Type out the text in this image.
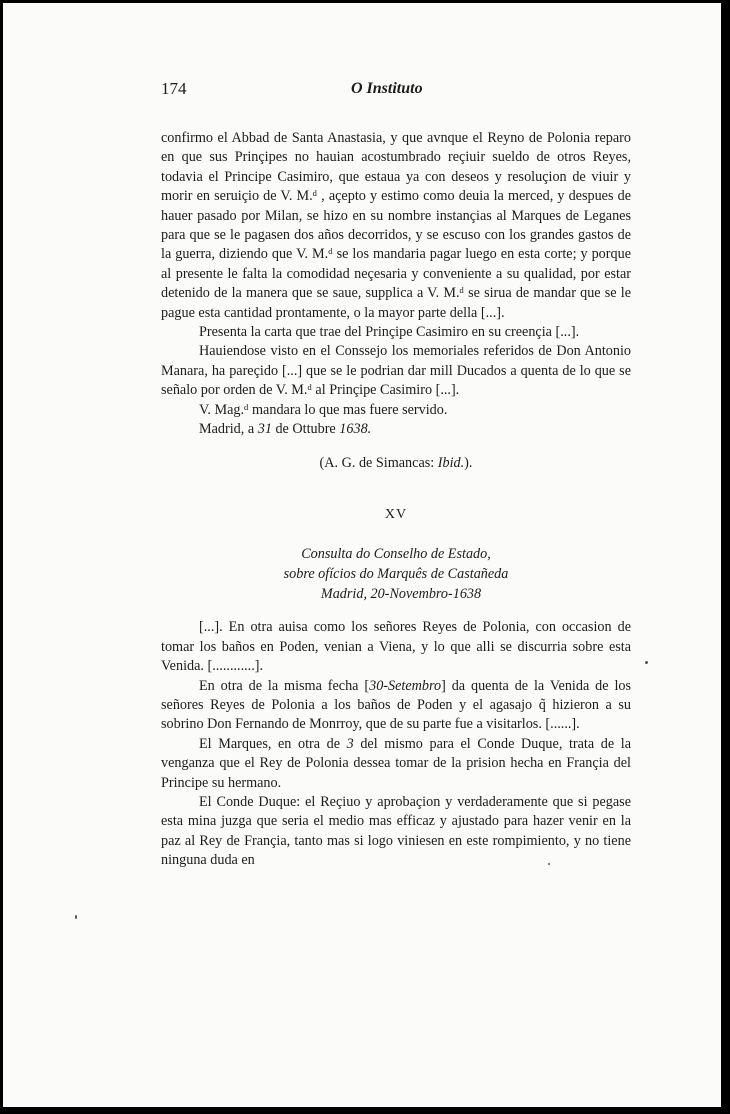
174	O Instituto

confirmo el Abbad de Santa Anastasia, y que avnque el Reyno de Polonia reparo en que sus Prinçipes no hauian acostumbrado reçiuir sueldo de otros Reyes, todavia el Principe Casimiro, que estaua ya con deseos y resoluçion de viuir y morir en seruiçio de V. M.ᵈ , açepto y estimo como deuia la merced, y despues de hauer pasado por Milan, se hizo en su nombre instançias al Marques de Leganes para que se le pagasen dos años decorridos, y se escuso con los grandes gastos de la guerra, diziendo que V. M.ᵈ se los mandaria pagar luego en esta corte; y porque al presente le falta la comodidad neçesaria y conveniente a su qualidad, por estar detenido de la manera que se saue, supplica a V. M.ᵈ se sirua de mandar que se le pague esta cantidad prontamente, o la mayor parte della [...].

Presenta la carta que trae del Prinçipe Casimiro en su creençia [...].

Hauiendose visto en el Conssejo los memoriales referidos de Don Antonio Manara, ha pareçido [...] que se le podrian dar mill Ducados a quenta de lo que se señalo por orden de V. M.ᵈ al Prinçipe Casimiro [...].

V. Mag.ᵈ mandara lo que mas fuere servido.

Madrid, a 31 de Ottubre 1638.

(A. G. de Simancas: Ibid.).

XV

Consulta do Conselho de Estado,
sobre ofícios do Marquês de Castañeda
Madrid, 20-Novembro-1638

[...]. En otra auisa como los señores Reyes de Polonia, con occasion de tomar los baños en Poden, venian a Viena, y lo que alli se discurria sobre esta Venida. [............].

En otra de la misma fecha [30-Setembro] da quenta de la Venida de los señores Reyes de Polonia a los baños de Poden y el agasajo q̃ hizieron a su sobrino Don Fernando de Monrroy, que de su parte fue a visitarlos. [......].

El Marques, en otra de 3 del mismo para el Conde Duque, trata de la venganza que el Rey de Polonia dessea tomar de la prision hecha en Françia del Principe su hermano.

El Conde Duque: el Reçiuo y aprobaçion y verdaderamente que si pegase esta mina juzga que seria el medio mas efficaz y ajustado para hazer venir en la paz al Rey de Françia, tanto mas si logo viniesen en este rompimiento, y no tiene ninguna duda en
